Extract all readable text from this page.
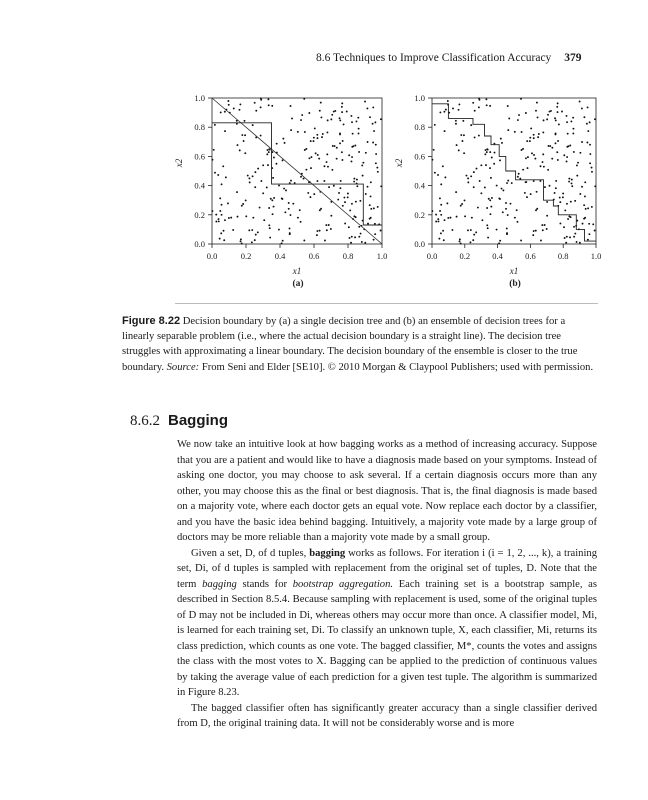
8.6 Techniques to Improve Classification Accuracy 379
0.0	0.2	0.4	0.6	0.8	1.0
0.0
0.2
0.4
0.6
0.8
1.0
x1
x2
(a)
0.0	0.2	0.4	0.6	0.8	1.0
0.0
0.2
0.4
0.6
0.8
1.0
x1
x2
(b)
Figure 8.22 Decision boundary by (a) a single decision tree and (b) an ensemble of decision trees for a linearly separable problem (i.e., where the actual decision boundary is a straight line). The decision tree struggles with approximating a linear boundary. The decision boundary of the ensemble is closer to the true boundary. Source: From Seni and Elder [SE10]. © 2010 Morgan & Claypool Publishers; used with permission.
8.6.2 Bagging

We now take an intuitive look at how bagging works as a method of increasing accuracy. Suppose that you are a patient and would like to have a diagnosis made based on your symptoms. Instead of asking one doctor, you may choose to ask several. If a certain diagnosis occurs more than any other, you may choose this as the final or best diagnosis. That is, the final diagnosis is made based on a majority vote, where each doctor gets an equal vote. Now replace each doctor by a classifier, and you have the basic idea behind bagging. Intuitively, a majority vote made by a large group of doctors may be more reliable than a majority vote made by a small group.

Given a set, D, of d tuples, bagging works as follows. For iteration i (i = 1, 2, ..., k), a training set, Di, of d tuples is sampled with replacement from the original set of tuples, D. Note that the term bagging stands for bootstrap aggregation. Each training set is a bootstrap sample, as described in Section 8.5.4. Because sampling with replacement is used, some of the original tuples of D may not be included in Di, whereas others may occur more than once. A classifier model, Mi, is learned for each training set, Di. To classify an unknown tuple, X, each classifier, Mi, returns its class prediction, which counts as one vote. The bagged classifier, M*, counts the votes and assigns the class with the most votes to X. Bagging can be applied to the prediction of continuous values by taking the average value of each prediction for a given test tuple. The algorithm is summarized in Figure 8.23.

The bagged classifier often has significantly greater accuracy than a single classifier derived from D, the original training data. It will not be considerably worse and is more
